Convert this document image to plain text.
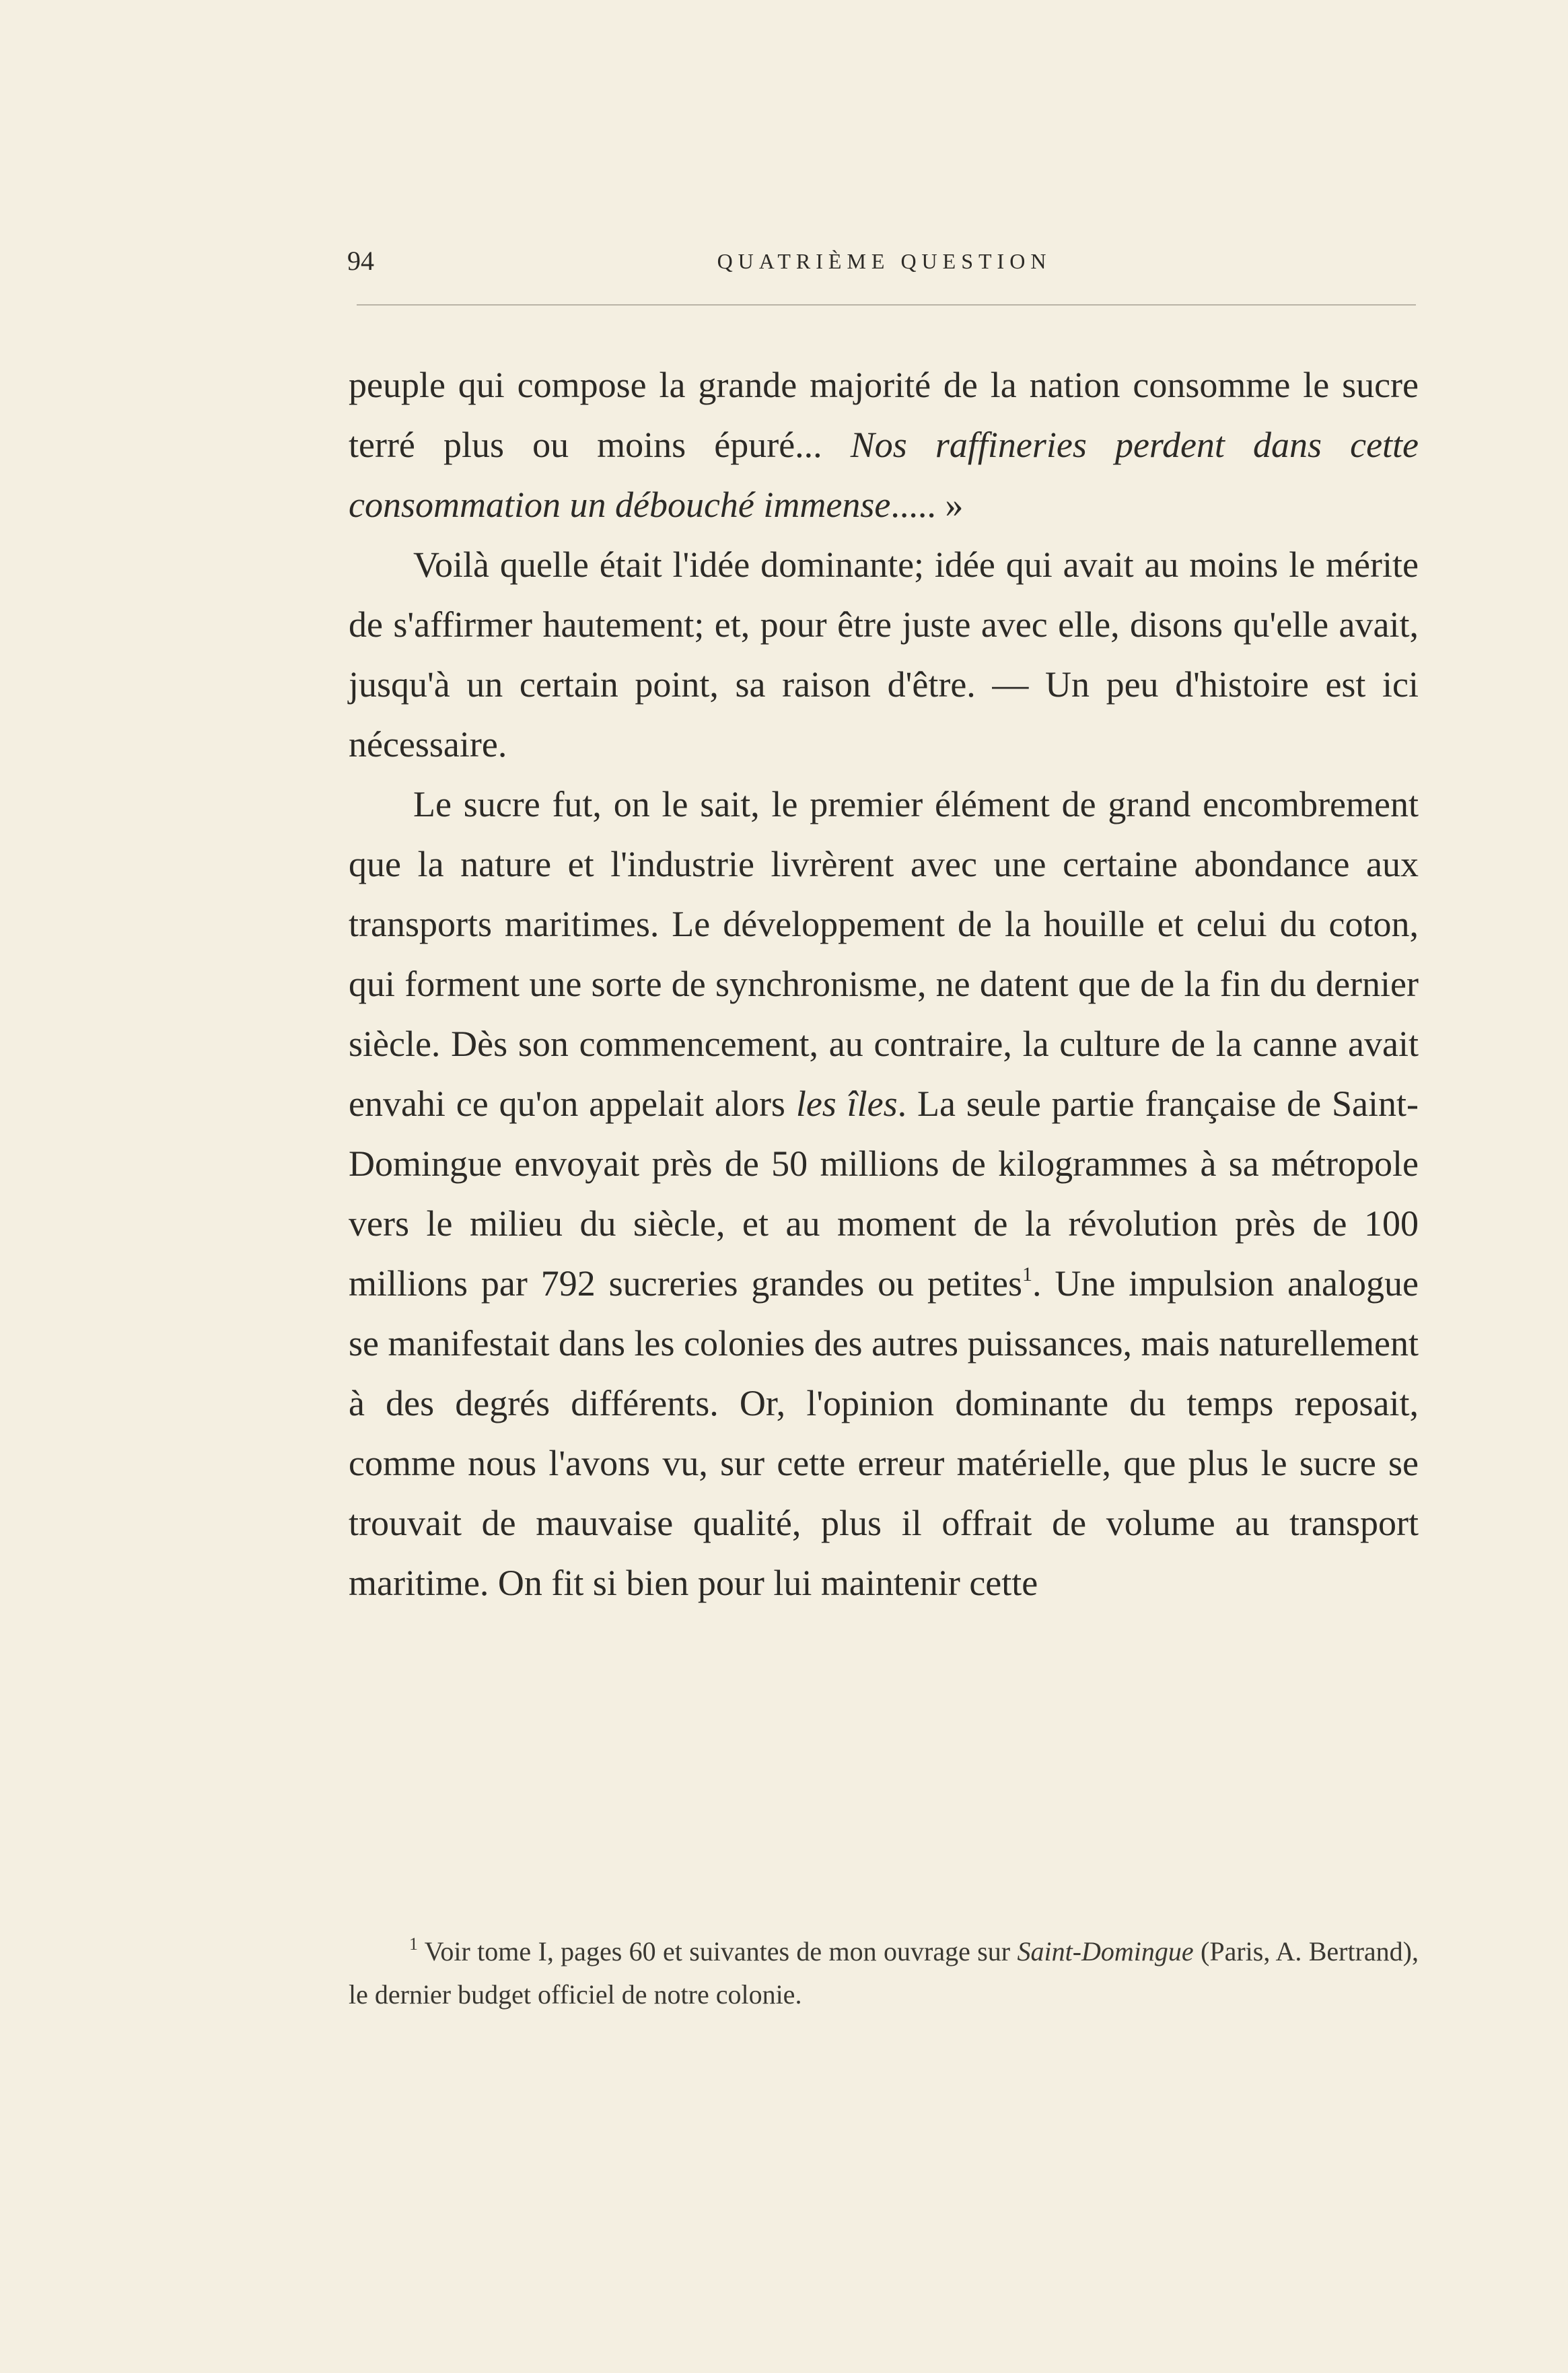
94	QUATRIÈME QUESTION

peuple qui compose la grande majorité de la nation consomme le sucre terré plus ou moins épuré... Nos raffineries perdent dans cette consommation un débouché immense..... »

Voilà quelle était l'idée dominante; idée qui avait au moins le mérite de s'affirmer hautement; et, pour être juste avec elle, disons qu'elle avait, jusqu'à un certain point, sa raison d'être. — Un peu d'histoire est ici nécessaire.

Le sucre fut, on le sait, le premier élément de grand encombrement que la nature et l'industrie livrèrent avec une certaine abondance aux transports maritimes. Le développement de la houille et celui du coton, qui forment une sorte de synchronisme, ne datent que de la fin du dernier siècle. Dès son commencement, au contraire, la culture de la canne avait envahi ce qu'on appelait alors les îles. La seule partie française de Saint-Domingue envoyait près de 50 millions de kilogrammes à sa métropole vers le milieu du siècle, et au moment de la révolution près de 100 millions par 792 sucreries grandes ou petites$^1$. Une impulsion analogue se manifestait dans les colonies des autres puissances, mais naturellement à des degrés différents. Or, l'opinion dominante du temps reposait, comme nous l'avons vu, sur cette erreur matérielle, que plus le sucre se trouvait de mauvaise qualité, plus il offrait de volume au transport maritime. On fit si bien pour lui maintenir cette

$^1$ Voir tome I, pages 60 et suivantes de mon ouvrage sur Saint-Domingue (Paris, A. Bertrand), le dernier budget officiel de notre colonie.
